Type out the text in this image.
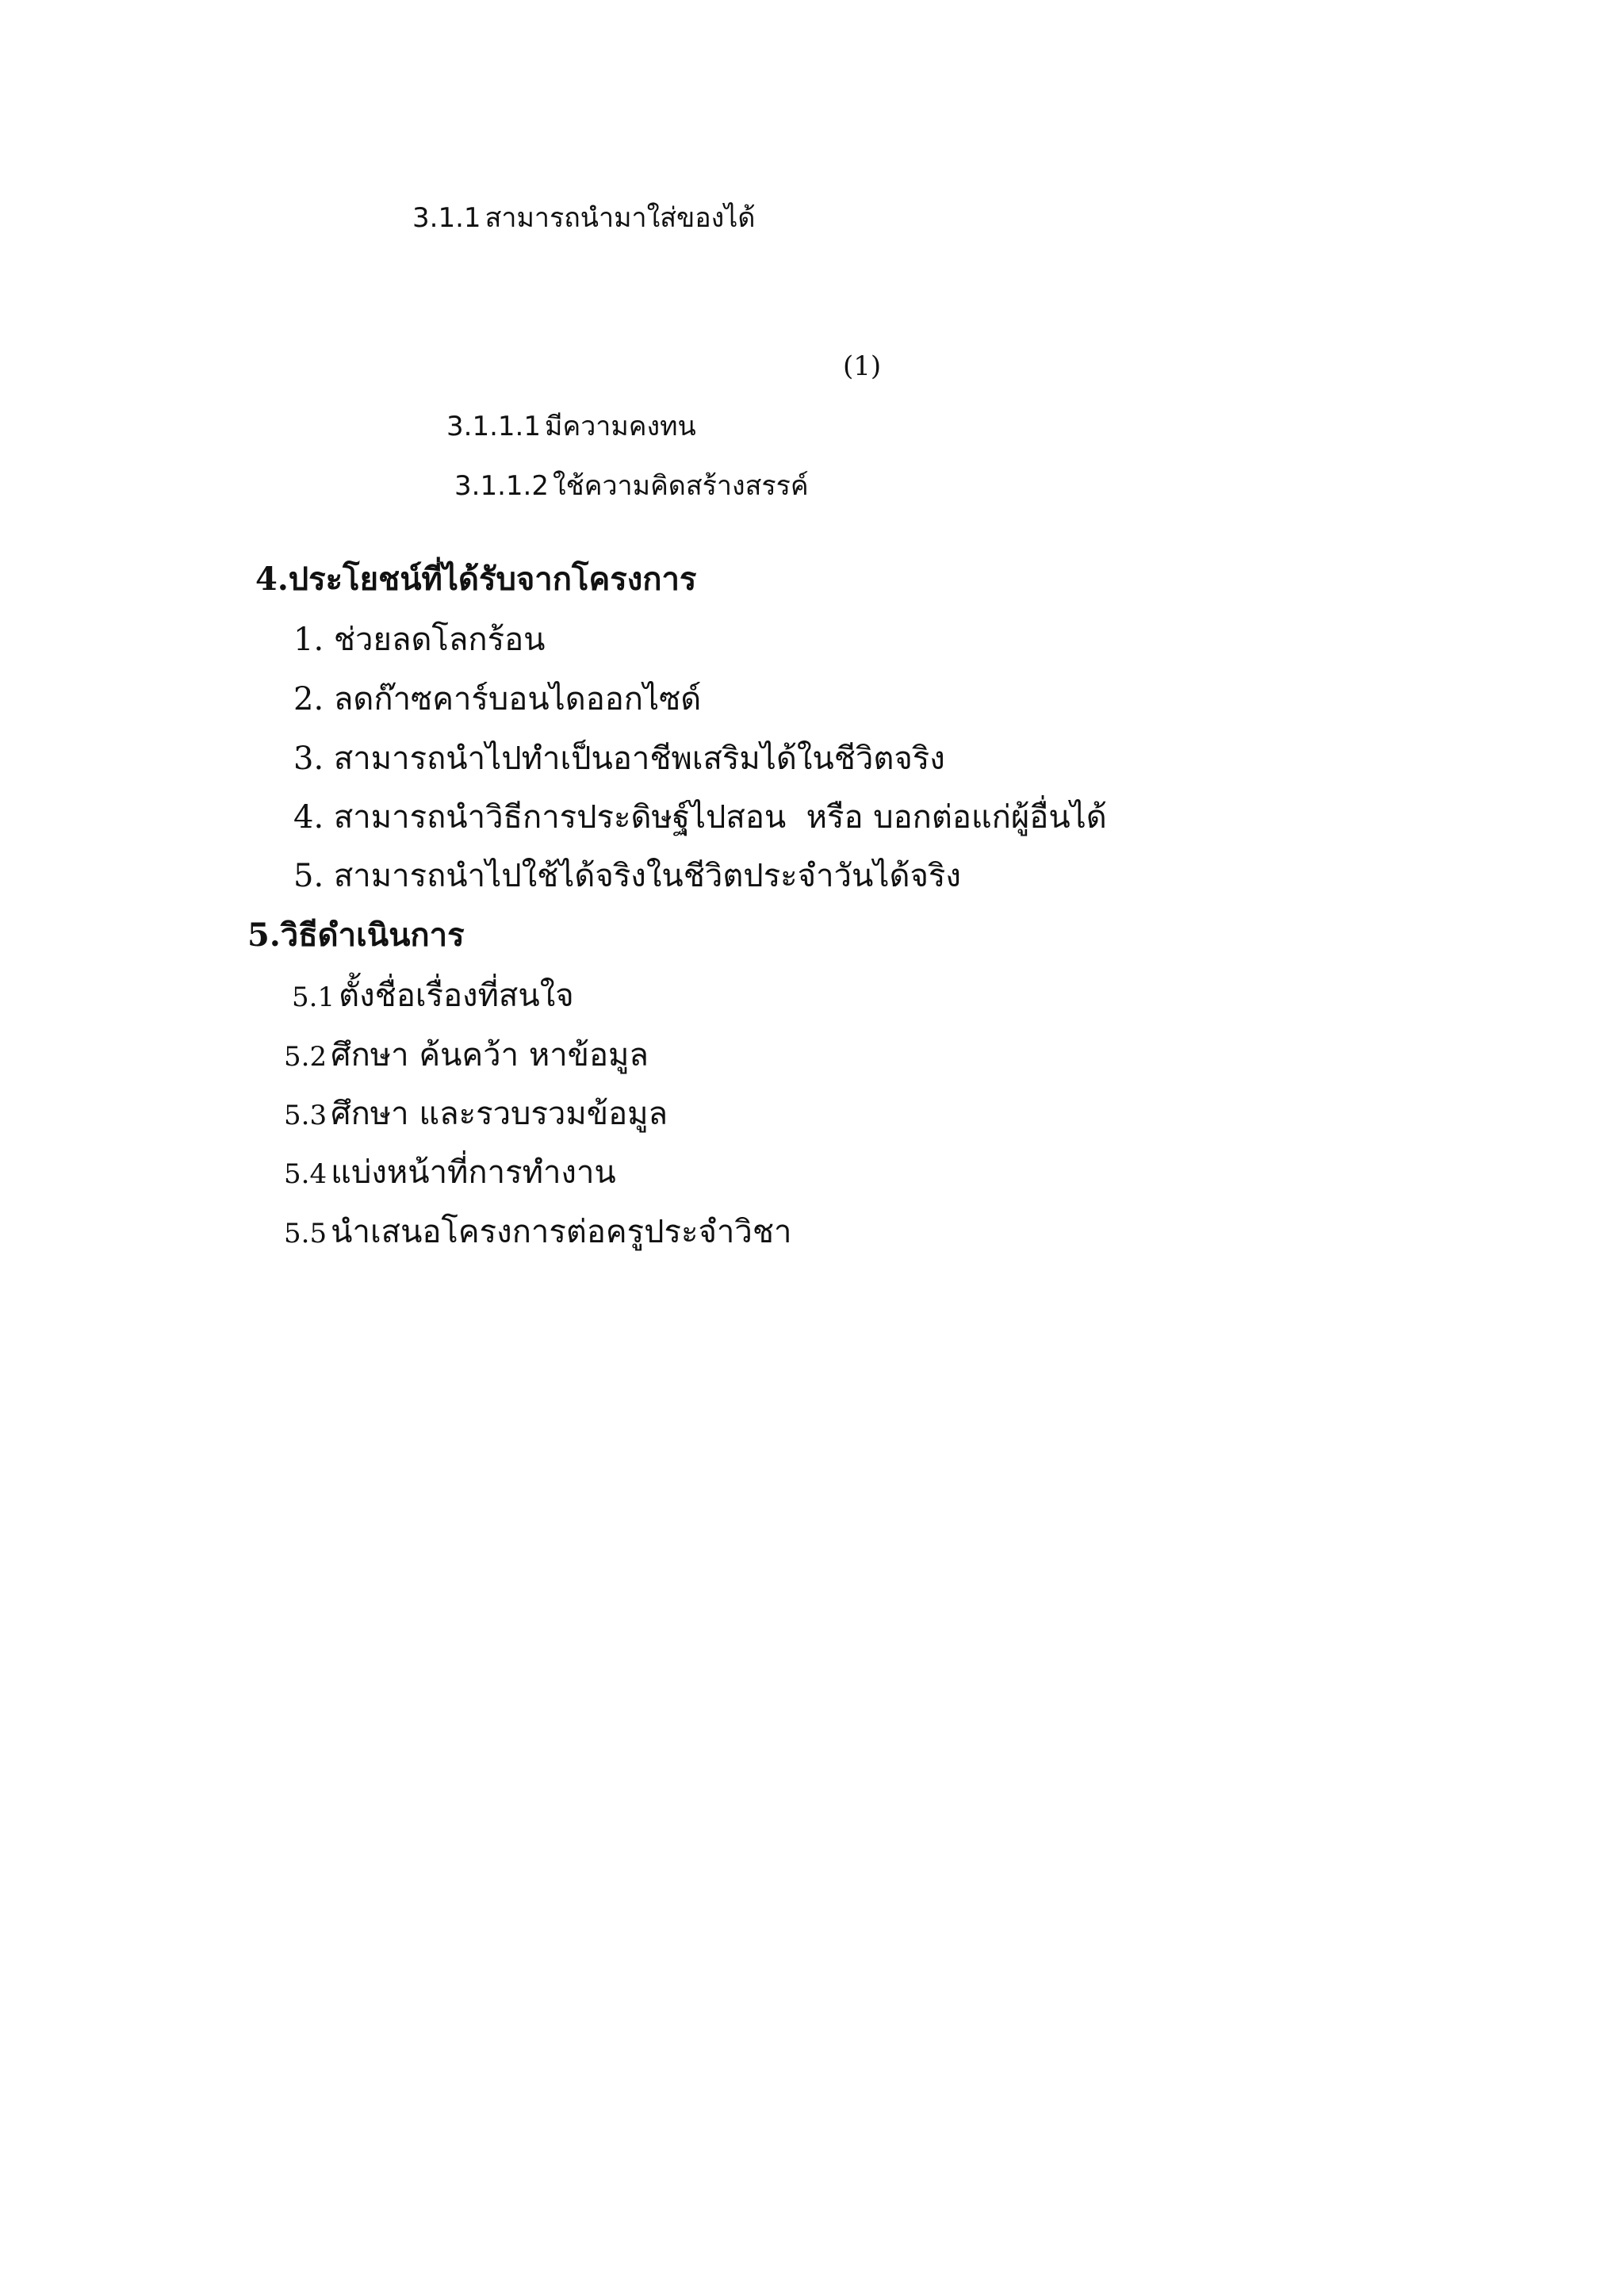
3.1.1 สามารถนำมาใส่ของได้
(1)
3.1.1.1 มีความคงทน
3.1.1.2 ใช้ความคิดสร้างสรรค์
4.ประโยชน์ที่ได้รับจากโครงการ
1. ช่วยลดโลกร้อน
2. ลดก๊าซคาร์บอนไดออกไซด์
3. สามารถนำไปทำเป็นอาชีพเสริมได้ในชีวิตจริง
4. สามารถนำวิธีการประดิษฐ์ไปสอน  หรือ บอกต่อแก่ผู้อื่นได้
5. สามารถนำไปใช้ได้จริงในชีวิตประจำวันได้จริง
5.วิธีดำเนินการ
5.1 ตั้งชื่อเรื่องที่สนใจ
5.2 ศึกษา ค้นคว้า หาข้อมูล
5.3 ศึกษา และรวบรวมข้อมูล
5.4 แบ่งหน้าที่การทำงาน
5.5 นำเสนอโครงการต่อครูประจำวิชา
